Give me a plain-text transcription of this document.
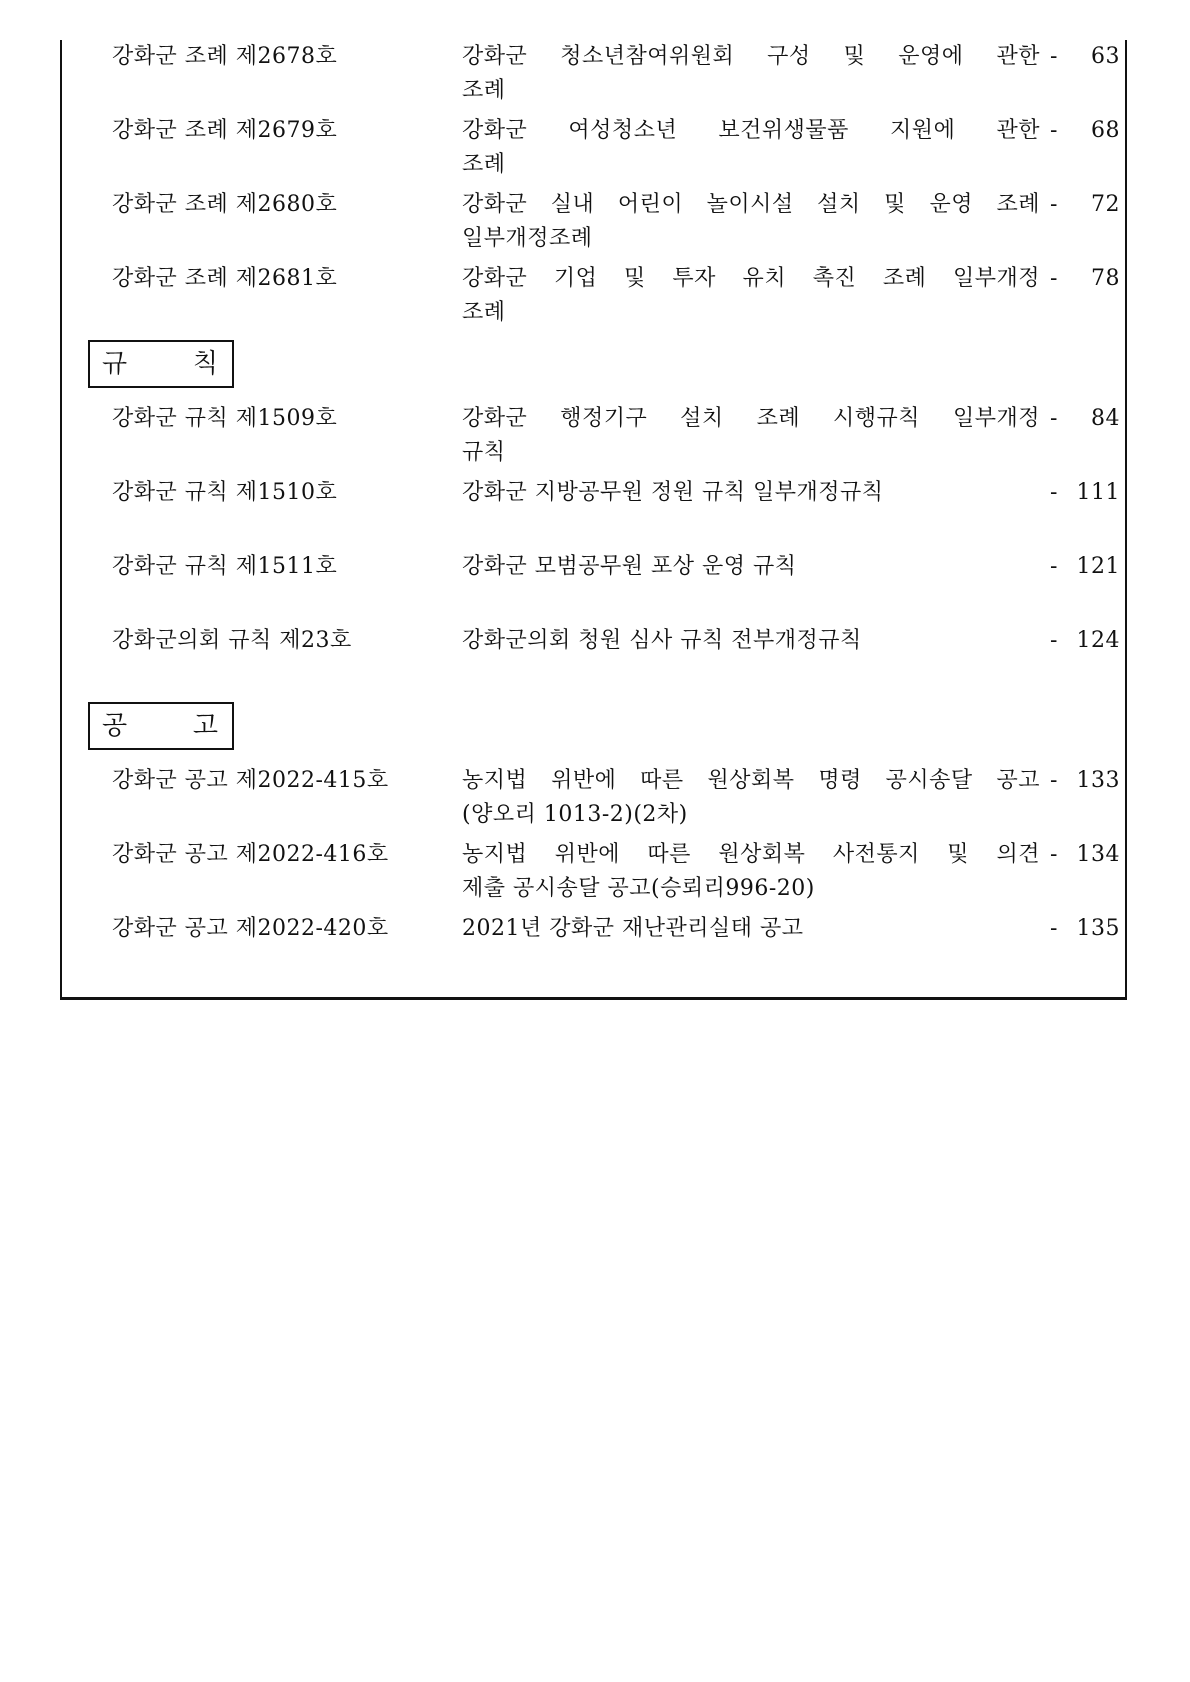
강화군 조례 제2678호	강화군 청소년참여위원회 구성 및 운영에 관한
조례
-	63
강화군 조례 제2679호	강화군 여성청소년 보건위생물품 지원에 관한
조례
-	68
강화군 조례 제2680호	강화군 실내 어린이 놀이시설 설치 및 운영 조례
일부개정조례
-	72
강화군 조례 제2681호	강화군 기업 및 투자 유치 촉진 조례 일부개정
조례
-	78
규	칙
강화군 규칙 제1509호	강화군 행정기구 설치 조례 시행규칙 일부개정
규칙
-	84
강화군 규칙 제1510호	강화군 지방공무원 정원 규칙 일부개정규칙	- 111
강화군 규칙 제1511호	강화군 모범공무원 포상 운영 규칙	- 121
강화군의회 규칙 제23호	강화군의회 청원 심사 규칙 전부개정규칙	- 124
공	고
강화군 공고 제2022-415호	농지법 위반에 따른 원상회복 명령 공시송달 공고
(양오리 1013-2)(2차)
- 133
강화군 공고 제2022-416호	농지법 위반에 따른 원상회복 사전통지 및 의견
제출 공시송달 공고(승뢰리996-20)
- 134
강화군 공고 제2022-420호	2021년 강화군 재난관리실태 공고	- 135
